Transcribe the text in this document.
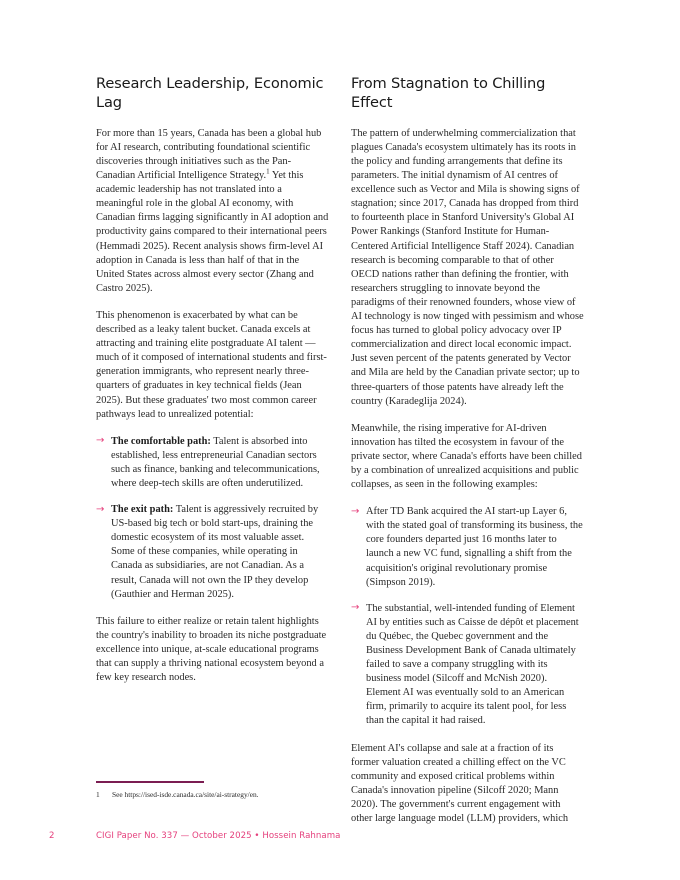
Research Leadership, Economic Lag

For more than 15 years, Canada has been a global hub for AI research, contributing foundational scientific discoveries through initiatives such as the Pan-Canadian Artificial Intelligence Strategy.$^1$ Yet this academic leadership has not translated into a meaningful role in the global AI economy, with Canadian firms lagging significantly in AI adoption and productivity gains compared to their international peers (Hemmadi 2025). Recent analysis shows firm-level AI adoption in Canada is less than half of that in the United States across almost every sector (Zhang and Castro 2025).

This phenomenon is exacerbated by what can be described as a leaky talent bucket. Canada excels at attracting and training elite postgraduate AI talent — much of it composed of international students and first-generation immigrants, who represent nearly three-quarters of graduates in key technical fields (Jean 2025). But these graduates' two most common career pathways lead to unrealized potential:

→ The comfortable path: Talent is absorbed into established, less entrepreneurial Canadian sectors such as finance, banking and telecommunications, where deep-tech skills are often underutilized.
→ The exit path: Talent is aggressively recruited by US-based big tech or bold start-ups, draining the domestic ecosystem of its most valuable asset. Some of these companies, while operating in Canada as subsidiaries, are not Canadian. As a result, Canada will not own the IP they develop (Gauthier and Herman 2025).

This failure to either realize or retain talent highlights the country's inability to broaden its niche postgraduate excellence into unique, at-scale educational programs that can supply a thriving national ecosystem beyond a few key research nodes.

From Stagnation to Chilling Effect

The pattern of underwhelming commercialization that plagues Canada's ecosystem ultimately has its roots in the policy and funding arrangements that define its parameters. The initial dynamism of AI centres of excellence such as Vector and Mila is showing signs of stagnation; since 2017, Canada has dropped from third to fourteenth place in Stanford University's Global AI Power Rankings (Stanford Institute for Human-Centered Artificial Intelligence Staff 2024). Canadian research is becoming comparable to that of other OECD nations rather than defining the frontier, with researchers struggling to innovate beyond the paradigms of their renowned founders, whose view of AI technology is now tinged with pessimism and whose focus has turned to global policy advocacy over IP commercialization and direct local economic impact. Just seven percent of the patents generated by Vector and Mila are held by the Canadian private sector; up to three-quarters of those patents have already left the country (Karadeglija 2024).

Meanwhile, the rising imperative for AI-driven innovation has tilted the ecosystem in favour of the private sector, where Canada's efforts have been chilled by a combination of unrealized acquisitions and public collapses, as seen in the following examples:

→ After TD Bank acquired the AI start-up Layer 6, with the stated goal of transforming its business, the core founders departed just 16 months later to launch a new VC fund, signalling a shift from the acquisition's original revolutionary promise (Simpson 2019).
→ The substantial, well-intended funding of Element AI by entities such as Caisse de dépôt et placement du Québec, the Quebec government and the Business Development Bank of Canada ultimately failed to save a company struggling with its business model (Silcoff and McNish 2020). Element AI was eventually sold to an American firm, primarily to acquire its talent pool, for less than the capital it had raised.

Element AI's collapse and sale at a fraction of its former valuation created a chilling effect on the VC community and exposed critical problems within Canada's innovation pipeline (Silcoff 2020; Mann 2020). The government's current engagement with other large language model (LLM) providers, which

1	See https://ised-isde.canada.ca/site/ai-strategy/en.
2	CIGI Paper No. 337 — October 2025 • Hossein Rahnama
